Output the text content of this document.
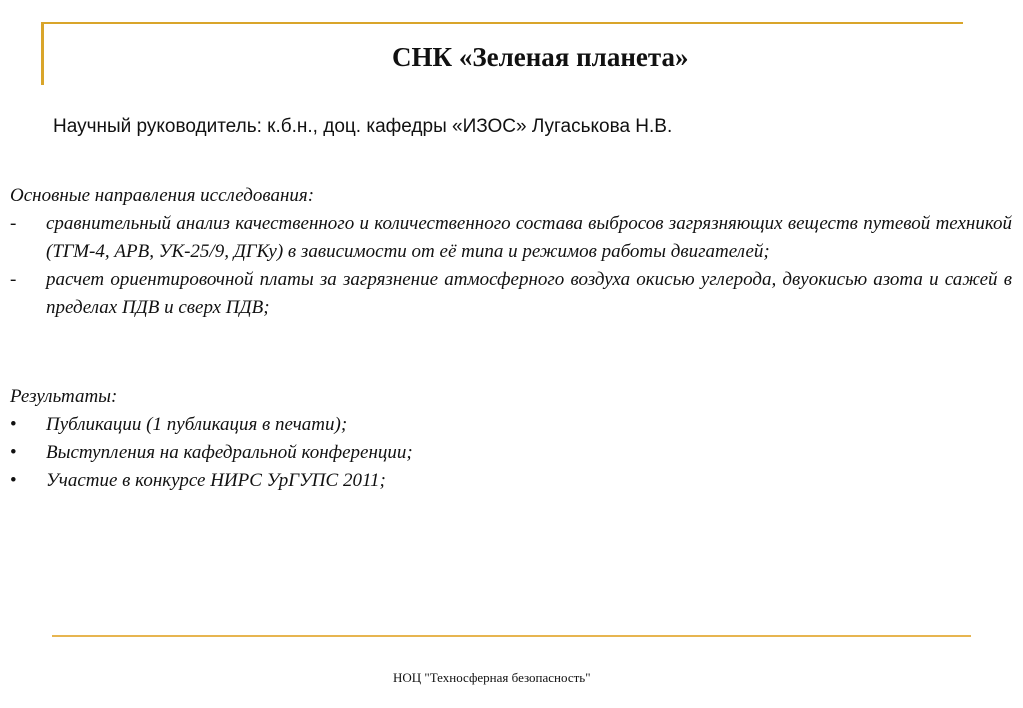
СНК «Зеленая планета»
Научный руководитель: к.б.н., доц. кафедры «ИЗОС» Лугаськова Н.В.

Основные направления исследования:

- сравнительный анализ качественного и количественного состава выбросов загрязняющих веществ путевой техникой (ТГМ-4, АРВ, УК-25/9, ДГКу) в зависимости от её типа и режимов работы двигателей;
- расчет ориентировочной платы за загрязнение атмосферного воздуха окисью углерода, двуокисью азота и сажей в пределах ПДВ и сверх ПДВ;

Результаты:

• Публикации (1 публикация в печати);
• Выступления на кафедральной конференции;
• Участие в конкурсе НИРС УрГУПС 2011;
НОЦ "Техносферная безопасность"
